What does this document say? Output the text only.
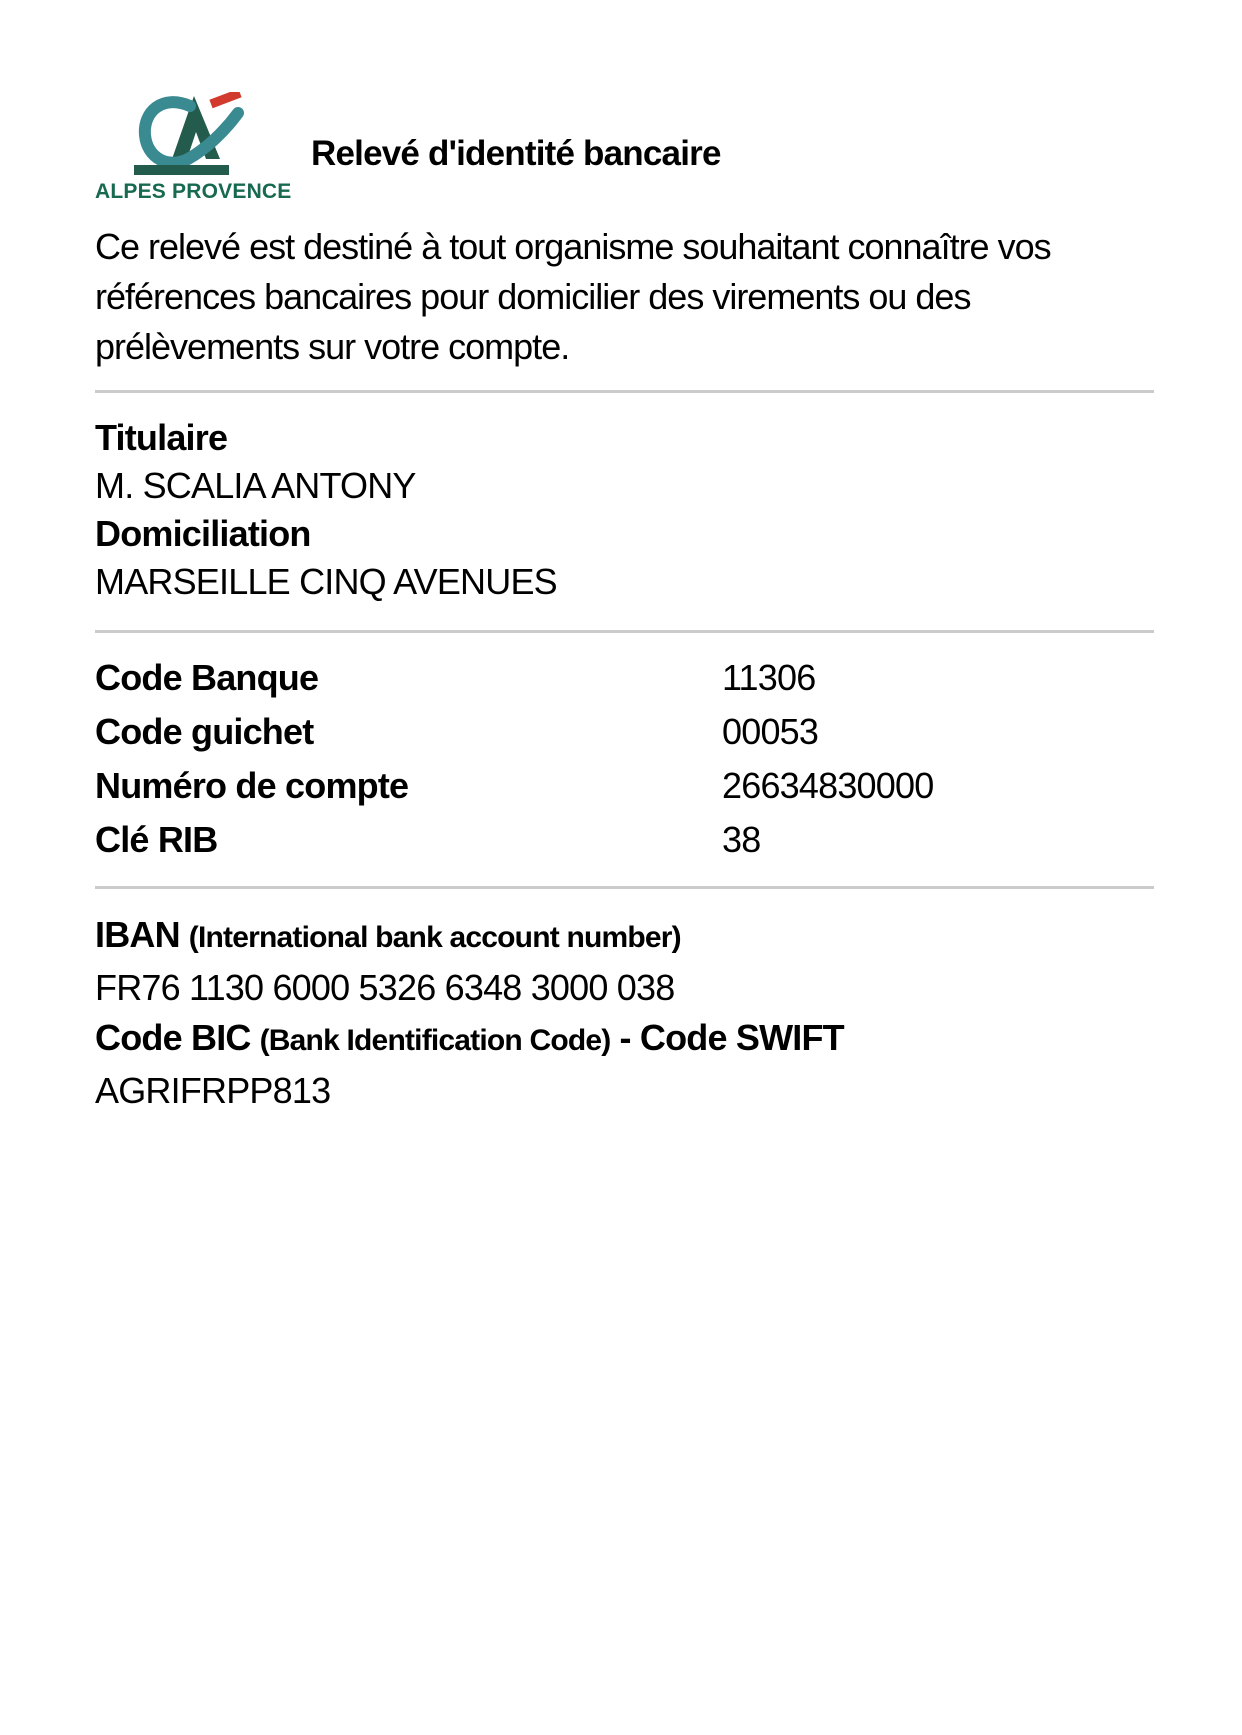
ALPES PROVENCE
Relevé d'identité bancaire
Ce relevé est destiné à tout organisme souhaitant connaître vos
références bancaires pour domicilier des virements ou des
prélèvements sur votre compte.
Titulaire
M. SCALIA ANTONY
Domiciliation
MARSEILLE CINQ AVENUES
Code Banque	11306
Code guichet	00053
Numéro de compte	26634830000
Clé RIB	38
IBAN (International bank account number)
FR76 1130 6000 5326 6348 3000 038
Code BIC (Bank Identification Code) - Code SWIFT
AGRIFRPP813
